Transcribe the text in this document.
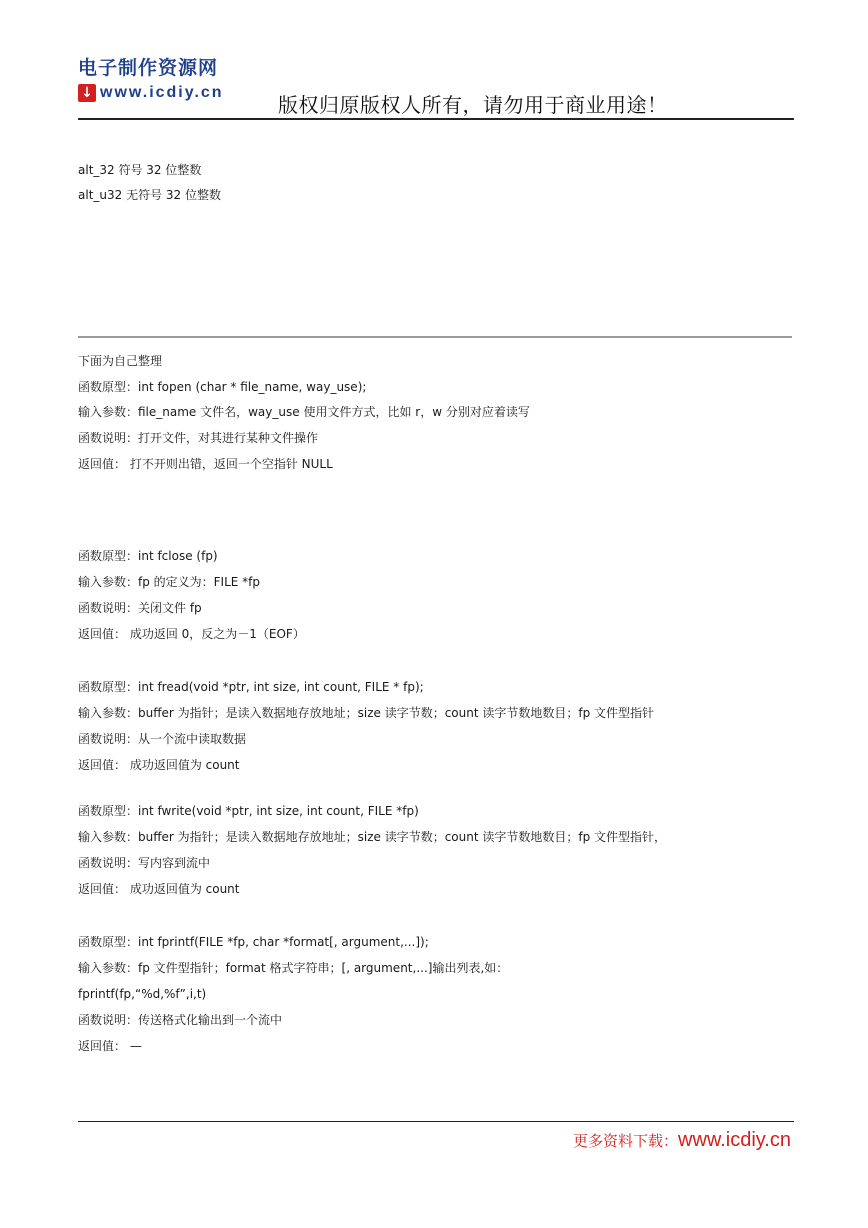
电子制作资源网
↓ www.icdiy.cn
版权归原版权人所有，请勿用于商业用途！
alt_32 符号 32 位整数
alt_u32 无符号 32 位整数
下面为自己整理
函数原型：int fopen (char * file_name, way_use);
输入参数：file_name 文件名，way_use 使用文件方式，比如 r，w 分别对应着读写
函数说明：打开文件，对其进行某种文件操作
返回值： 打不开则出错，返回一个空指针 NULL
函数原型：int fclose (fp)
输入参数：fp 的定义为：FILE *fp
函数说明：关闭文件 fp
返回值： 成功返回 0，反之为－1（EOF）
函数原型：int fread(void *ptr, int size, int count, FILE * fp);
输入参数：buffer 为指针；是读入数据地存放地址；size 读字节数；count 读字节数地数目；fp 文件型指针
函数说明：从一个流中读取数据
返回值： 成功返回值为 count
函数原型：int fwrite(void *ptr, int size, int count, FILE *fp)
输入参数：buffer 为指针；是读入数据地存放地址；size 读字节数；count 读字节数地数目；fp 文件型指针，
函数说明：写内容到流中
返回值： 成功返回值为 count
函数原型：int fprintf(FILE *fp, char *format[, argument,...]);
输入参数：fp 文件型指针；format 格式字符串；[, argument,...]输出列表,如：
fprintf(fp,“%d,%f”,i,t)
函数说明：传送格式化输出到一个流中
返回值： —
更多资料下载： www.icdiy.cn
